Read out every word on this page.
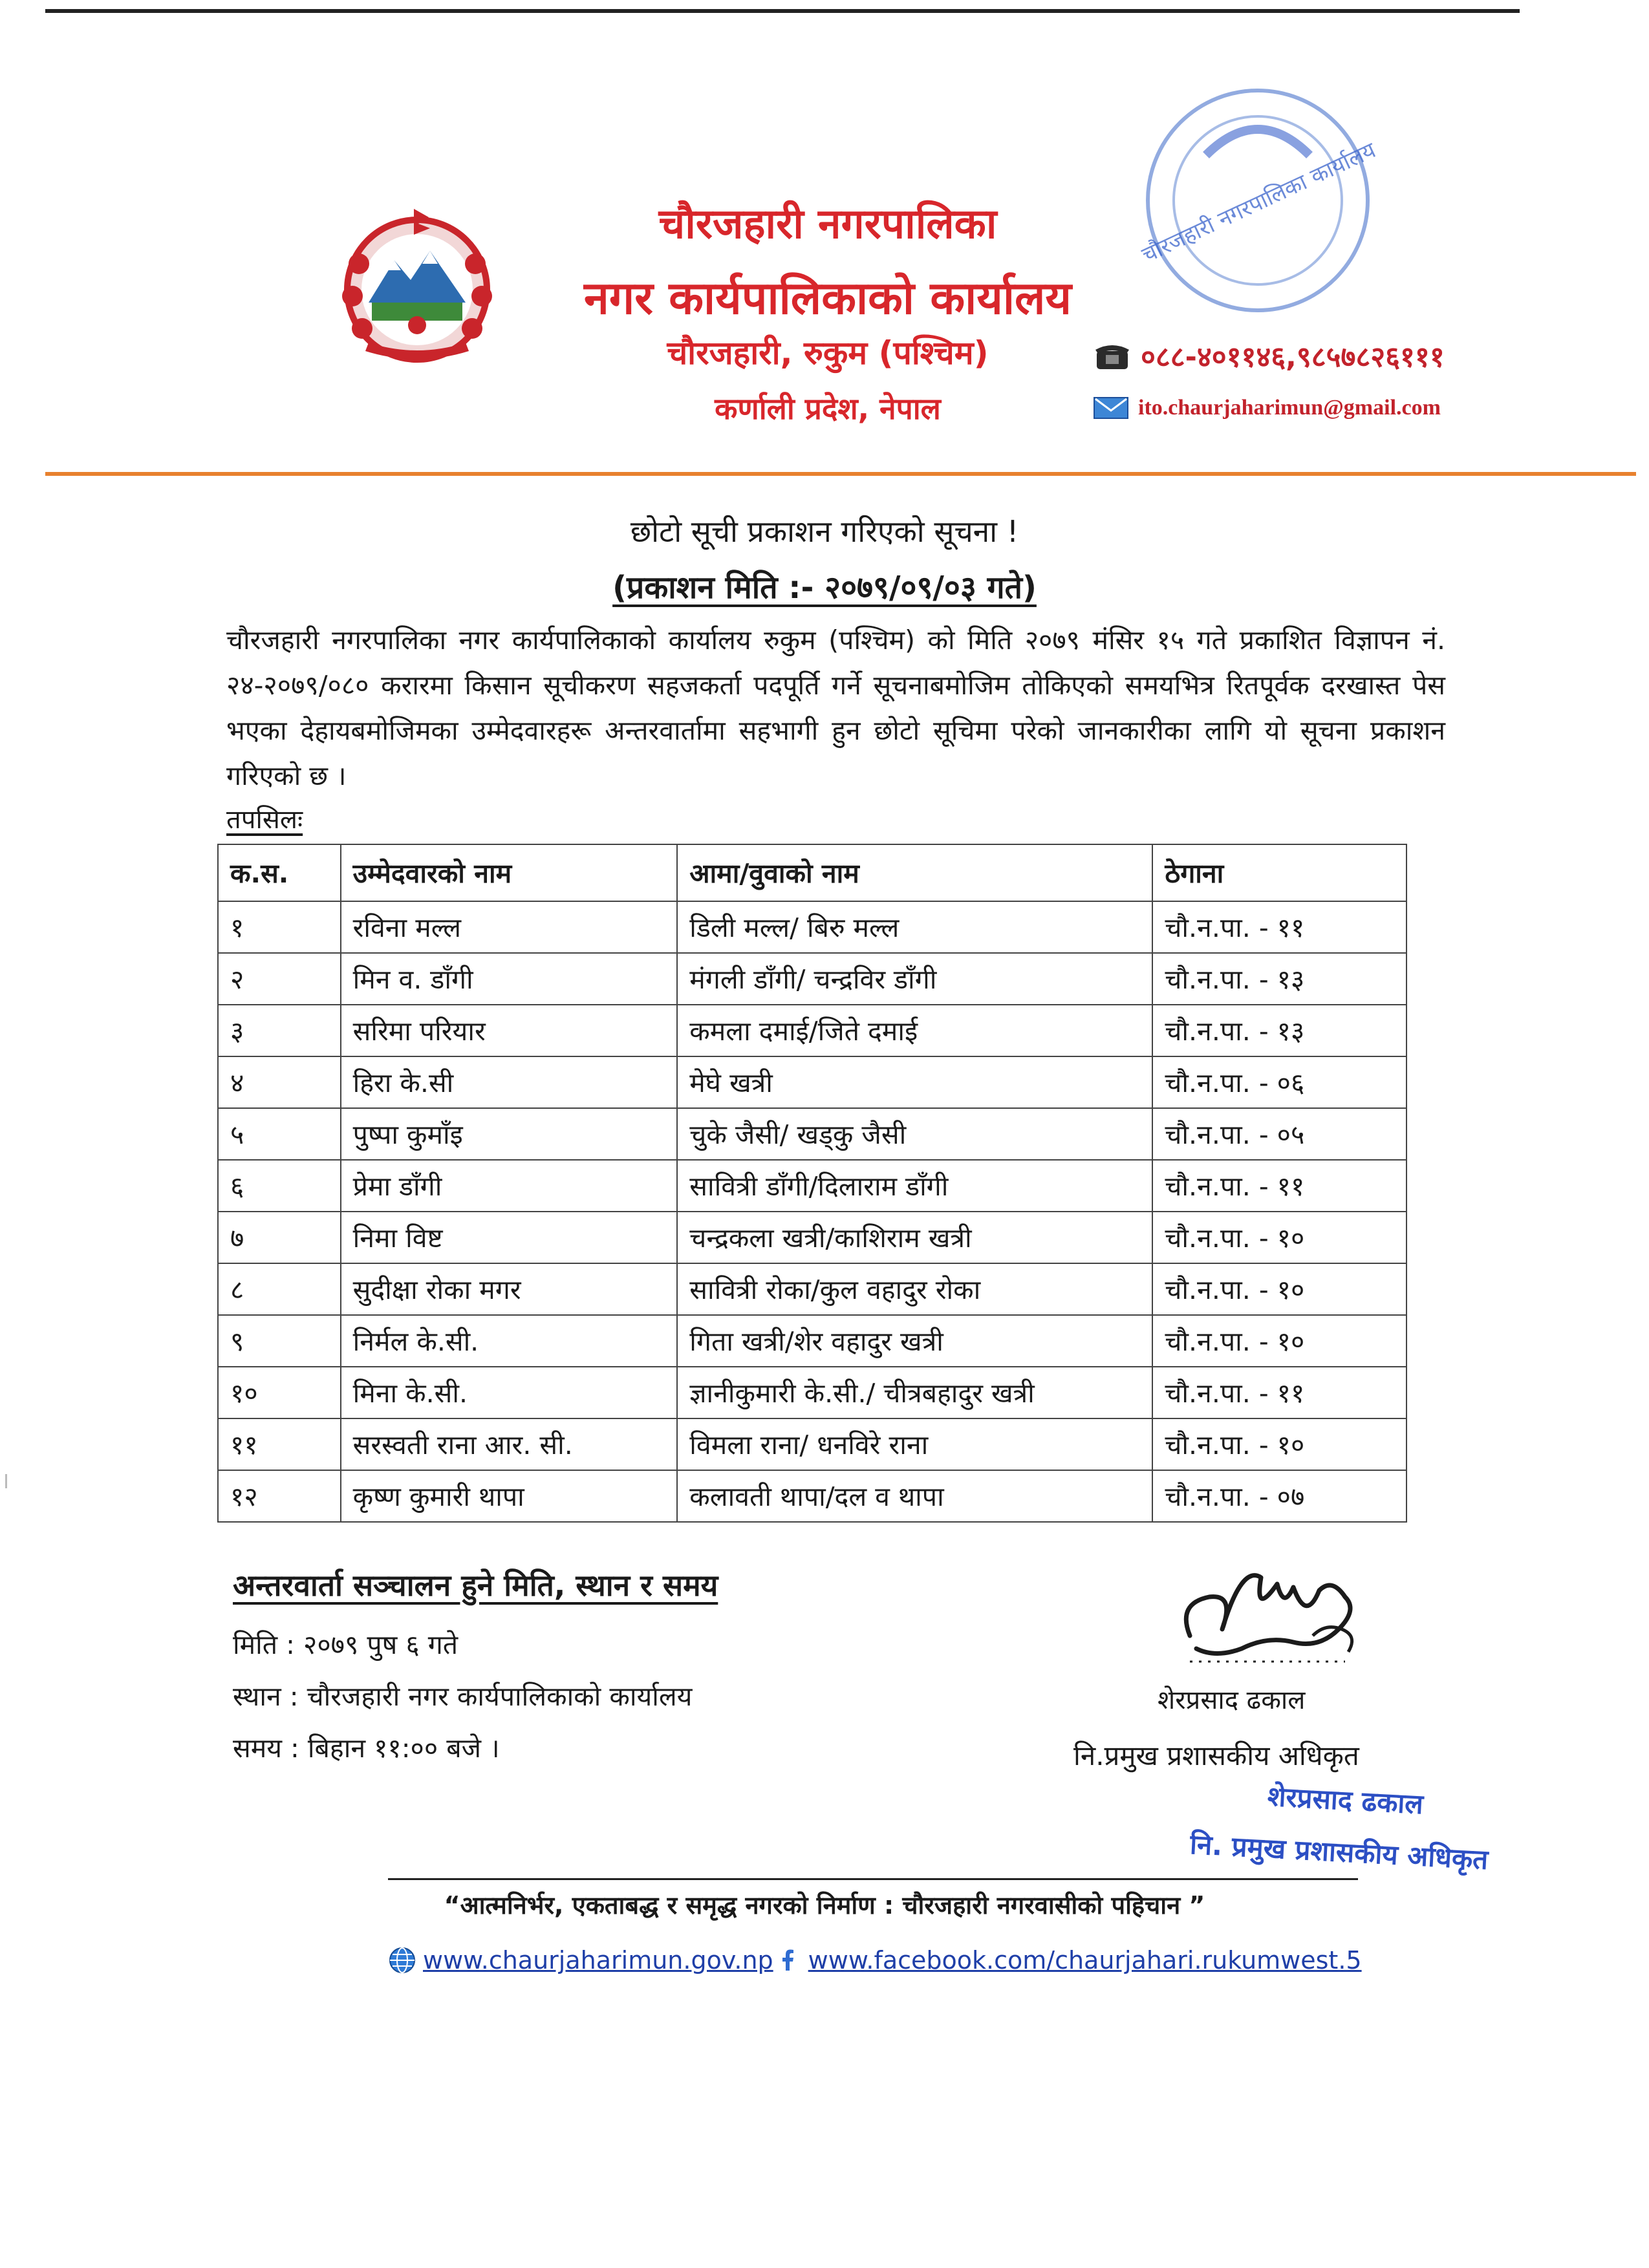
चौरजहारी नगरपालिका
नगर कार्यपालिकाको कार्यालय
चौरजहारी, रुकुम (पश्चिम)
कर्णाली प्रदेश, नेपाल
चौरजहारी नगरपालिका कार्यालय
०८८-४०११४६,९८५७८२६१११
ito.chaurjaharimun@gmail.com
छोटो सूची प्रकाशन गरिएको सूचना !
(प्रकाशन मिति :- २०७९/०९/०३ गते)
चौरजहारी नगरपालिका नगर कार्यपालिकाको कार्यालय रुकुम (पश्चिम) को मिति २०७९ मंसिर १५ गते प्रकाशित विज्ञापन नं. २४-२०७९/०८० करारमा किसान सूचीकरण सहजकर्ता पदपूर्ति गर्ने सूचनाबमोजिम तोकिएको समयभित्र रितपूर्वक दरखास्त पेस भएका देहायबमोजिमका उम्मेदवारहरू अन्तरवार्तामा सहभागी हुन छोटो सूचिमा परेको जानकारीका लागि यो सूचना प्रकाशन गरिएको छ ।
तपसिलः
क.स.	उम्मेदवारको नाम	आमा/वुवाको नाम	ठेगाना
१	रविना मल्ल	डिली मल्ल/ बिरु मल्ल	चौ.न.पा. - ११
२	मिन व. डाँगी	मंगली डाँगी/ चन्द्रविर डाँगी	चौ.न.पा. - १३
३	सरिमा परियार	कमला दमाई/जिते दमाई	चौ.न.पा. - १३
४	हिरा के.सी	मेघे खत्री	चौ.न.पा. - ०६
५	पुष्पा कुमाँइ	चुके जैसी/ खड्कु जैसी	चौ.न.पा. - ०५
६	प्रेमा डाँगी	सावित्री डाँगी/दिलाराम डाँगी	चौ.न.पा. - ११
७	निमा विष्ट	चन्द्रकला खत्री/काशिराम खत्री	चौ.न.पा. - १०
८	सुदीक्षा रोका मगर	सावित्री रोका/कुल वहादुर रोका	चौ.न.पा. - १०
९	निर्मल के.सी.	गिता खत्री/शेर वहादुर खत्री	चौ.न.पा. - १०
१०	मिना के.सी.	ज्ञानीकुमारी के.सी./ चीत्रबहादुर खत्री	चौ.न.पा. - ११
११	सरस्वती राना आर. सी.	विमला राना/ धनविरे राना	चौ.न.पा. - १०
१२	कृष्ण कुमारी थापा	कलावती थापा/दल व थापा	चौ.न.पा. - ०७
अन्तरवार्ता सञ्चालन हुने मिति, स्थान र समय
मिति : २०७९ पुष ६ गते
स्थान : चौरजहारी नगर कार्यपालिकाको कार्यालय
समय : बिहान ११:०० बजे ।
शेरप्रसाद ढकाल
नि.प्रमुख प्रशासकीय अधिकृत
शेरप्रसाद ढकाल
नि. प्रमुख प्रशासकीय अधिकृत
“आत्मनिर्भर, एकताबद्ध र समृद्ध नगरको निर्माण : चौरजहारी नगरवासीको पहिचान ”
www.chaurjaharimun.gov.np www.facebook.com/chaurjahari.rukumwest.5
